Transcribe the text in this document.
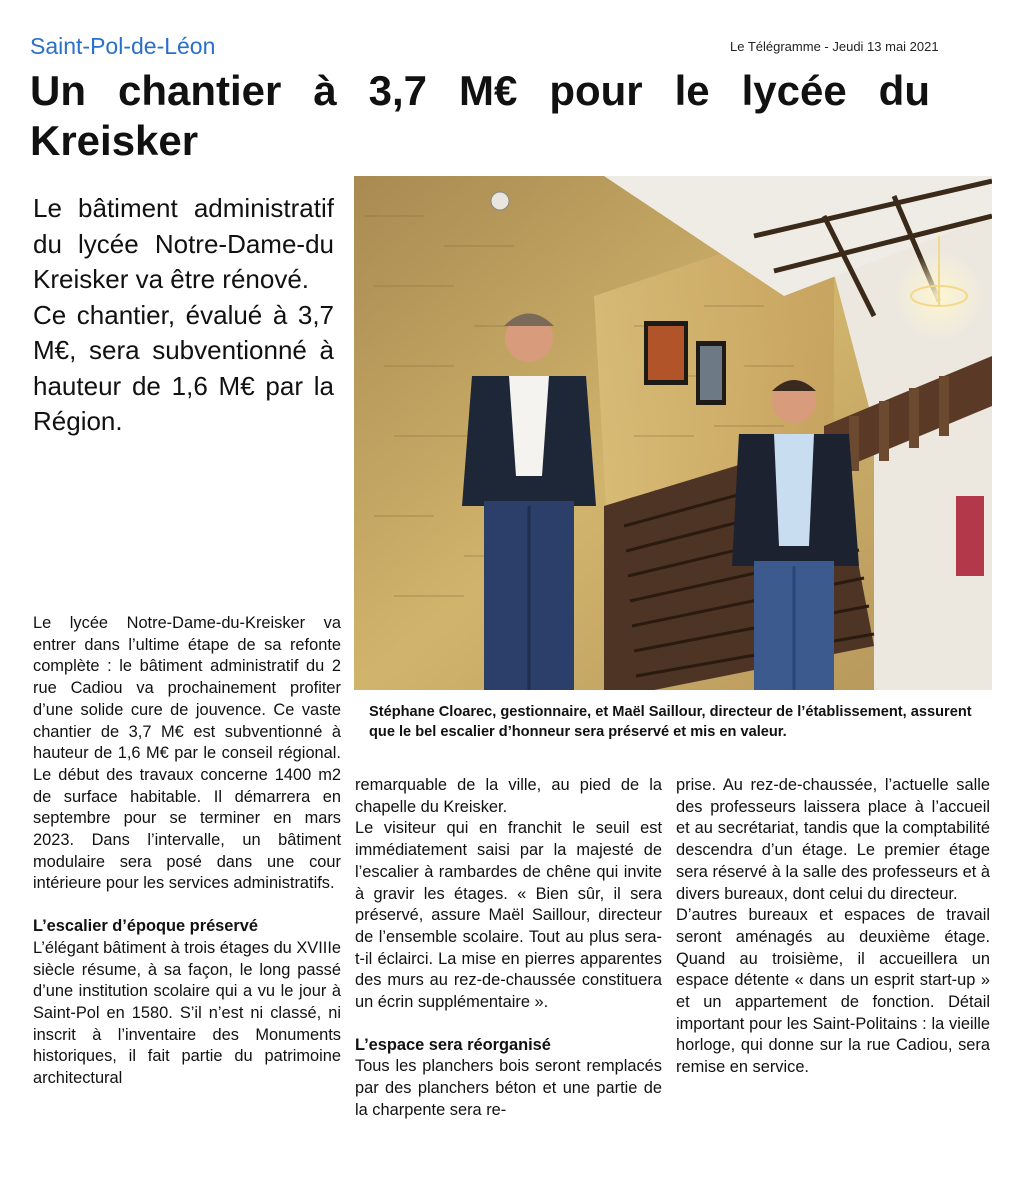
Saint-Pol-de-Léon	Le Télégramme - Jeudi 13 mai 2021
Un chantier à 3,7 M€ pour le lycée du Kreisker

Le bâtiment administratif du lycée Notre-Dame-du Kreisker va être rénové.

Ce chantier, évalué à 3,7 M€, sera subventionné à hauteur de 1,6 M€ par la Région.

Stéphane Cloarec, gestionnaire, et Maël Saillour, directeur de l’établissement, assurent que le bel escalier d’honneur sera préservé et mis en valeur.

Le lycée Notre-Dame-du-Kreisker va entrer dans l’ultime étape de sa refonte complète : le bâtiment administratif du 2 rue Cadiou va prochainement profiter d’une solide cure de jouvence. Ce vaste chantier de 3,7 M€ est subventionné à hauteur de 1,6 M€ par le conseil régional. Le début des travaux concerne 1400 m2 de surface habitable. Il démarrera en septembre pour se terminer en mars 2023. Dans l’intervalle, un bâtiment modulaire sera posé dans une cour intérieure pour les services administratifs.

L’escalier d’époque préservé

L’élégant bâtiment à trois étages du XVIIIe siècle résume, à sa façon, le long passé d’une institution scolaire qui a vu le jour à Saint-Pol en 1580. S’il n’est ni classé, ni inscrit à l’inventaire des Monuments historiques, il fait partie du patrimoine architectural

remarquable de la ville, au pied de la chapelle du Kreisker.

Le visiteur qui en franchit le seuil est immédiatement saisi par la majesté de l’escalier à rambardes de chêne qui invite à gravir les étages. « Bien sûr, il sera préservé, assure Maël Saillour, directeur de l’ensemble scolaire. Tout au plus sera-t-il éclairci. La mise en pierres apparentes des murs au rez-de-chaussée constituera un écrin supplémentaire ».

L’espace sera réorganisé

Tous les planchers bois seront remplacés par des planchers béton et une partie de la charpente sera re-

prise. Au rez-de-chaussée, l’actuelle salle des professeurs laissera place à l’accueil et au secrétariat, tandis que la comptabilité descendra d’un étage. Le premier étage sera réservé à la salle des professeurs et à divers bureaux, dont celui du directeur.

D’autres bureaux et espaces de travail seront aménagés au deuxième étage. Quand au troisième, il accueillera un espace détente « dans un esprit start-up » et un appartement de fonction. Détail important pour les Saint-Politains : la vieille horloge, qui donne sur la rue Cadiou, sera remise en service.
